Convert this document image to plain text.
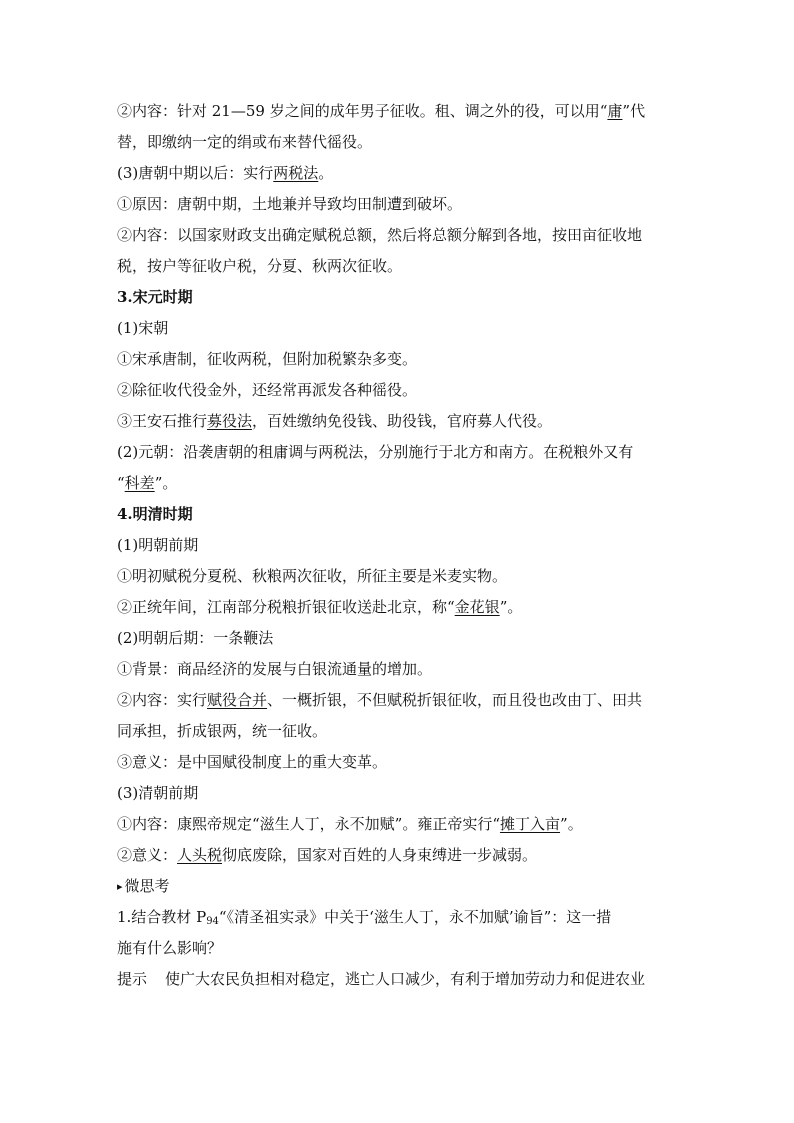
②内容：针对 21—59 岁之间的成年男子征收。租、调之外的役，可以用“庸”代
替，即缴纳一定的绢或布来替代徭役。
(3)唐朝中期以后：实行两税法。
①原因：唐朝中期，土地兼并导致均田制遭到破坏。
②内容：以国家财政支出确定赋税总额，然后将总额分解到各地，按田亩征收地
税，按户等征收户税，分夏、秋两次征收。
3.宋元时期
(1)宋朝
①宋承唐制，征收两税，但附加税繁杂多变。
②除征收代役金外，还经常再派发各种徭役。
③王安石推行募役法，百姓缴纳免役钱、助役钱，官府募人代役。
(2)元朝：沿袭唐朝的租庸调与两税法，分别施行于北方和南方。在税粮外又有
“科差”。
4.明清时期
(1)明朝前期
①明初赋税分夏税、秋粮两次征收，所征主要是米麦实物。
②正统年间，江南部分税粮折银征收送赴北京，称“金花银”。
(2)明朝后期：一条鞭法
①背景：商品经济的发展与白银流通量的增加。
②内容：实行赋役合并、一概折银，不但赋税折银征收，而且役也改由丁、田共
同承担，折成银两，统一征收。
③意义：是中国赋役制度上的重大变革。
(3)清朝前期
①内容：康熙帝规定“滋生人丁，永不加赋”。雍正帝实行“摊丁入亩”。
②意义：人头税彻底废除，国家对百姓的人身束缚进一步减弱。
▸ 微思考
1.结合教材 $P_{94}“$《清圣祖实录》中关于‘滋生人丁，永不加赋’谕旨”：这一措
施有什么影响？
提示 使广大农民负担相对稳定，逃亡人口减少，有利于增加劳动力和促进农业
